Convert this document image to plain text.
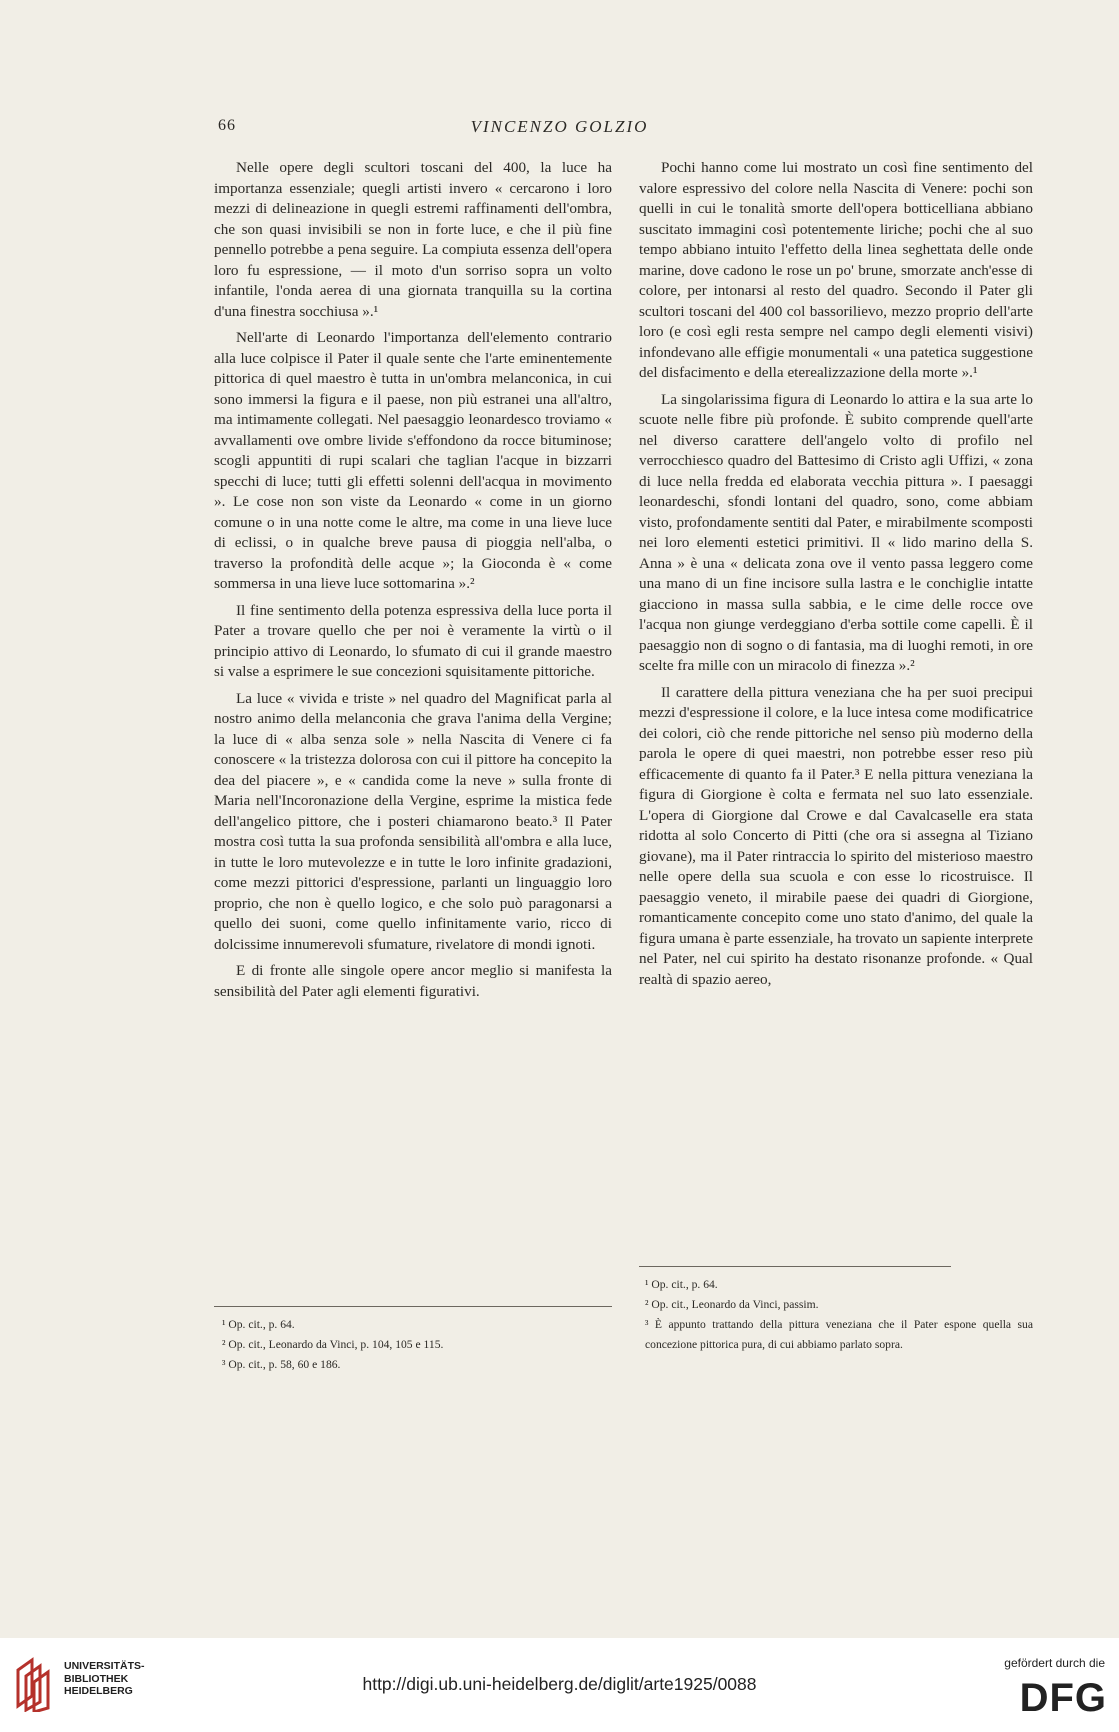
66	VINCENZO GOLZIO

Nelle opere degli scultori toscani del 400, la luce ha importanza essenziale; quegli artisti invero « cercarono i loro mezzi di delineazione in quegli estremi raffinamenti dell'ombra, che son quasi invisibili se non in forte luce, e che il più fine pennello potrebbe a pena seguire. La compiuta essenza dell'opera loro fu espressione, — il moto d'un sorriso sopra un volto infantile, l'onda aerea di una giornata tranquilla su la cortina d'una finestra socchiusa ».¹

Nell'arte di Leonardo l'importanza dell'elemento contrario alla luce colpisce il Pater il quale sente che l'arte eminentemente pittorica di quel maestro è tutta in un'ombra melanconica, in cui sono immersi la figura e il paese, non più estranei una all'altro, ma intimamente collegati. Nel paesaggio leonardesco troviamo « avvallamenti ove ombre livide s'effondono da rocce bituminose; scogli appuntiti di rupi scalari che taglian l'acque in bizzarri specchi di luce; tutti gli effetti solenni dell'acqua in movimento ». Le cose non son viste da Leonardo « come in un giorno comune o in una notte come le altre, ma come in una lieve luce di eclissi, o in qualche breve pausa di pioggia nell'alba, o traverso la profondità delle acque »; la Gioconda è « come sommersa in una lieve luce sottomarina ».²

Il fine sentimento della potenza espressiva della luce porta il Pater a trovare quello che per noi è veramente la virtù o il principio attivo di Leonardo, lo sfumato di cui il grande maestro si valse a esprimere le sue concezioni squisitamente pittoriche.

La luce « vivida e triste » nel quadro del Magnificat parla al nostro animo della melanconia che grava l'anima della Vergine; la luce di « alba senza sole » nella Nascita di Venere ci fa conoscere « la tristezza dolorosa con cui il pittore ha concepito la dea del piacere », e « candida come la neve » sulla fronte di Maria nell'Incoronazione della Vergine, esprime la mistica fede dell'angelico pittore, che i posteri chiamarono beato.³ Il Pater mostra così tutta la sua profonda sensibilità all'ombra e alla luce, in tutte le loro mutevolezze e in tutte le loro infinite gradazioni, come mezzi pittorici d'espressione, parlanti un linguaggio loro proprio, che non è quello logico, e che solo può paragonarsi a quello dei suoni, come quello infinitamente vario, ricco di dolcissime innumerevoli sfumature, rivelatore di mondi ignoti.

E di fronte alle singole opere ancor meglio si manifesta la sensibilità del Pater agli elementi figurativi.

Pochi hanno come lui mostrato un così fine sentimento del valore espressivo del colore nella Nascita di Venere: pochi son quelli in cui le tonalità smorte dell'opera botticelliana abbiano suscitato immagini così potentemente liriche; pochi che al suo tempo abbiano intuito l'effetto della linea seghettata delle onde marine, dove cadono le rose un po' brune, smorzate anch'esse di colore, per intonarsi al resto del quadro. Secondo il Pater gli scultori toscani del 400 col bassorilievo, mezzo proprio dell'arte loro (e così egli resta sempre nel campo degli elementi visivi) infondevano alle effigie monumentali « una patetica suggestione del disfacimento e della eterealizzazione della morte ».¹

La singolarissima figura di Leonardo lo attira e la sua arte lo scuote nelle fibre più profonde. È subito comprende quell'arte nel diverso carattere dell'angelo volto di profilo nel verrocchiesco quadro del Battesimo di Cristo agli Uffizi, « zona di luce nella fredda ed elaborata vecchia pittura ». I paesaggi leonardeschi, sfondi lontani del quadro, sono, come abbiam visto, profondamente sentiti dal Pater, e mirabilmente scomposti nei loro elementi estetici primitivi. Il « lido marino della S. Anna » è una « delicata zona ove il vento passa leggero come una mano di un fine incisore sulla lastra e le conchiglie intatte giacciono in massa sulla sabbia, e le cime delle rocce ove l'acqua non giunge verdeggiano d'erba sottile come capelli. È il paesaggio non di sogno o di fantasia, ma di luoghi remoti, in ore scelte fra mille con un miracolo di finezza ».²

Il carattere della pittura veneziana che ha per suoi precipui mezzi d'espressione il colore, e la luce intesa come modificatrice dei colori, ciò che rende pittoriche nel senso più moderno della parola le opere di quei maestri, non potrebbe esser reso più efficacemente di quanto fa il Pater.³ E nella pittura veneziana la figura di Giorgione è colta e fermata nel suo lato essenziale. L'opera di Giorgione dal Crowe e dal Cavalcaselle era stata ridotta al solo Concerto di Pitti (che ora si assegna al Tiziano giovane), ma il Pater rintraccia lo spirito del misterioso maestro nelle opere della sua scuola e con esse lo ricostruisce. Il paesaggio veneto, il mirabile paese dei quadri di Giorgione, romanticamente concepito come uno stato d'animo, del quale la figura umana è parte essenziale, ha trovato un sapiente interprete nel Pater, nel cui spirito ha destato risonanze profonde. « Qual realtà di spazio aereo,

¹ Op. cit., p. 64.

² Op. cit., Leonardo da Vinci, p. 104, 105 e 115.

³ Op. cit., p. 58, 60 e 186.

¹ Op. cit., p. 64.

² Op. cit., Leonardo da Vinci, passim.

³ È appunto trattando della pittura veneziana che il Pater espone quella sua concezione pittorica pura, di cui abbiamo parlato sopra.

UNIVERSITÄTS-
BIBLIOTHEK
HEIDELBERG	http://digi.ub.uni-heidelberg.de/diglit/arte1925/0088
gefördert durch die
DFG
